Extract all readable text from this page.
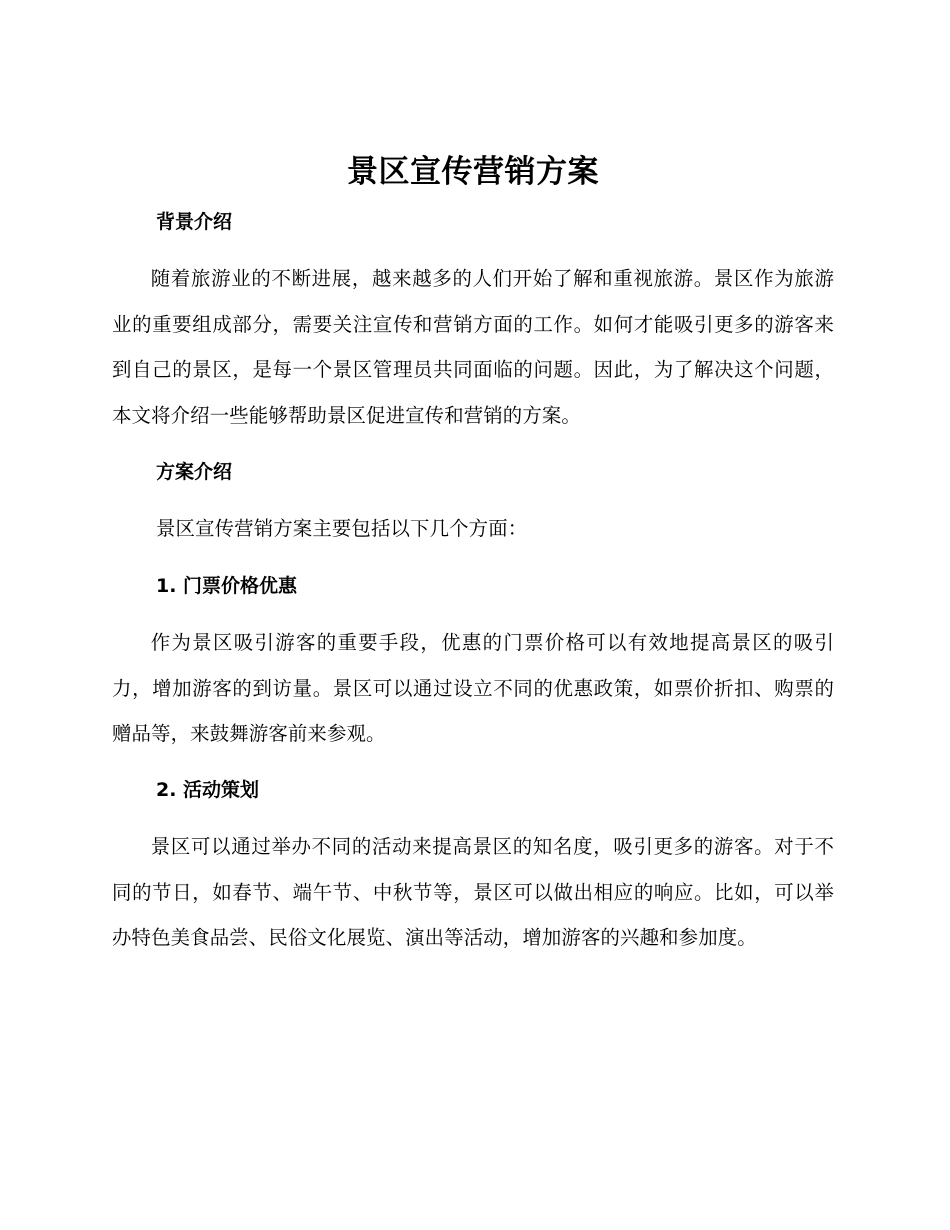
景区宣传营销方案
背景介绍
随着旅游业的不断进展，越来越多的人们开始了解和重视旅游。景区作为旅游业的重要组成部分，需要关注宣传和营销方面的工作。如何才能吸引更多的游客来到自己的景区，是每一个景区管理员共同面临的问题。因此，为了解决这个问题，本文将介绍一些能够帮助景区促进宣传和营销的方案。
方案介绍
景区宣传营销方案主要包括以下几个方面：
1. 门票价格优惠
作为景区吸引游客的重要手段，优惠的门票价格可以有效地提高景区的吸引力，增加游客的到访量。景区可以通过设立不同的优惠政策，如票价折扣、购票的赠品等，来鼓舞游客前来参观。
2. 活动策划
景区可以通过举办不同的活动来提高景区的知名度，吸引更多的游客。对于不同的节日，如春节、端午节、中秋节等，景区可以做出相应的响应。比如，可以举办特色美食品尝、民俗文化展览、演出等活动，增加游客的兴趣和参加度。
